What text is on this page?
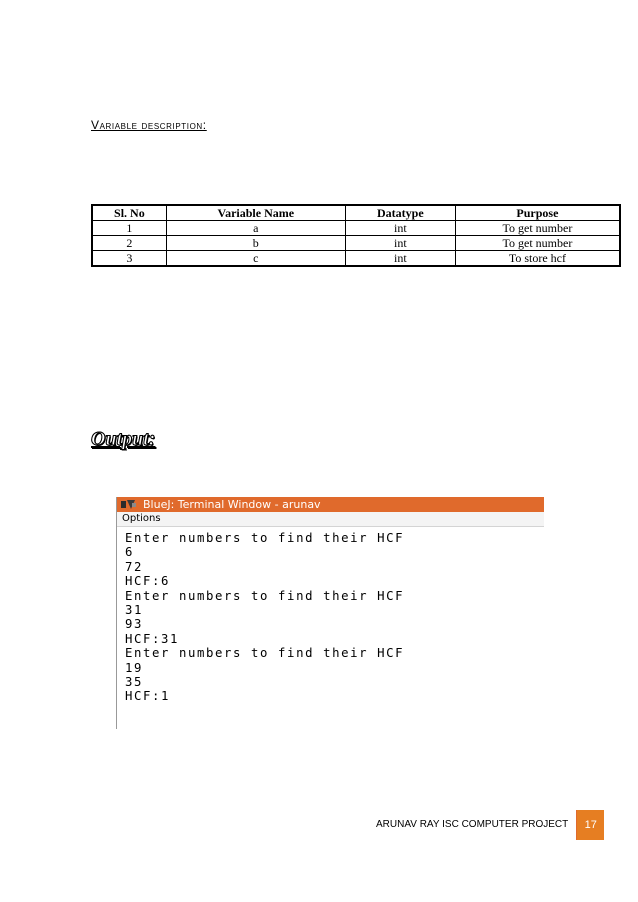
Variable description:
Sl. No	Variable Name	Datatype	Purpose
1	a	int	To get number
2	b	int	To get number
3	c	int	To store hcf
Output:
BlueJ: Terminal Window - arunav
Options
Enter numbers to find their HCF
6
72
HCF:6
Enter numbers to find their HCF
31
93
HCF:31
Enter numbers to find their HCF
19
35
HCF:1
ARUNAV RAY ISC COMPUTER PROJECT	17
